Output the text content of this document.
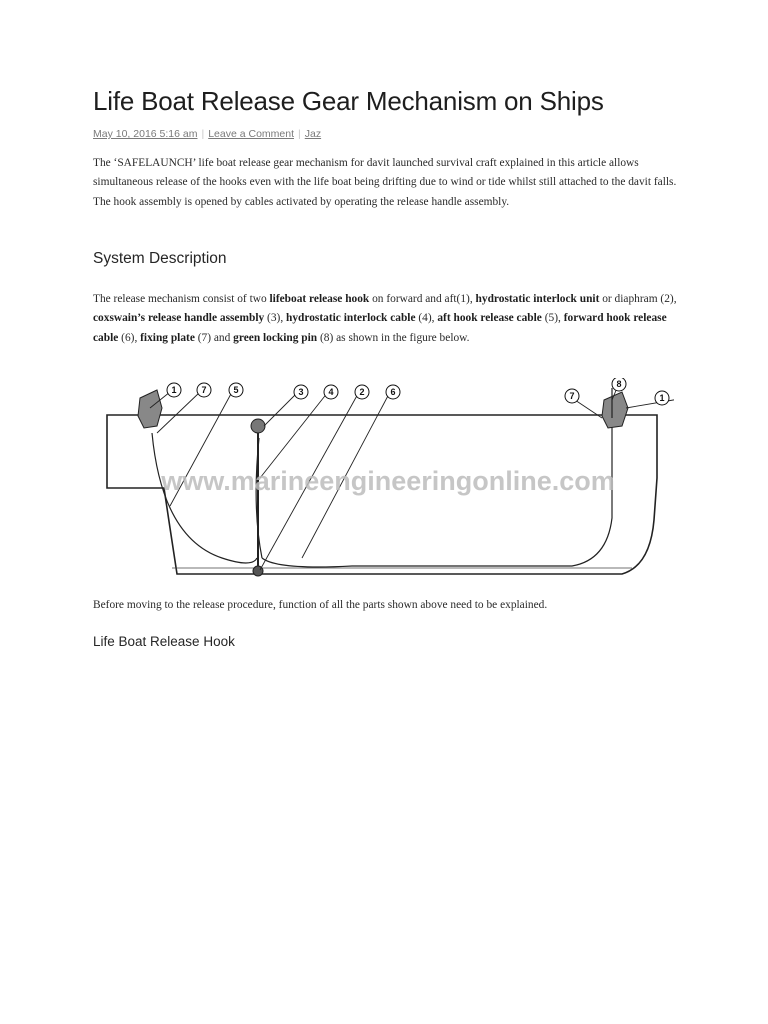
Life Boat Release Gear Mechanism on Ships
May 10, 2016 5:16 am | Leave a Comment | Jaz

The ‘SAFELAUNCH’ life boat release gear mechanism for davit launched survival craft explained in this article allows simultaneous release of the hooks even with the life boat being drifting due to wind or tide whilst still attached to the davit falls. The hook assembly is opened by cables activated by operating the release handle assembly.

System Description

The release mechanism consist of two lifeboat release hook on forward and aft(1), hydrostatic interlock unit or diaphram (2), coxswain’s release handle assembly (3), hydrostatic interlock cable (4), aft hook release cable (5), forward hook release cable (6), fixing plate (7) and green locking pin (8) as shown in the figure below.

Before moving to the release procedure, function of all the parts shown above need to be explained.

Life Boat Release Hook
1	7	5	3	4	2	6	7
8
1
www.marineengineeringonline.com
